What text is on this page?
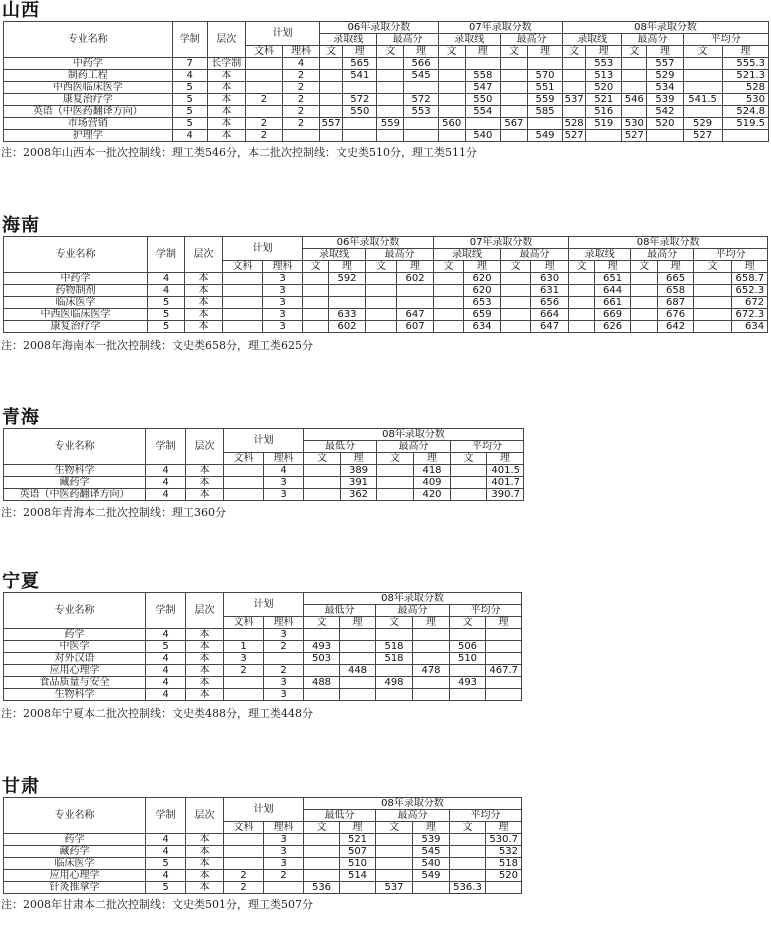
山西
专业名称	学制	层次	计划		06年录取分数				07年录取分数				08年录取分数					
					录取线		最高分		录取线		最高分		录取线		最高分		平均分	
			文科	理科	文	理	文	理	文	理	文	理	文	理	文	理	文	理
中药学	7	长学制		4		565		566						553		557		555.3
制药工程	4	本		2		541		545		558		570		513		529		521.3
中西医临床医学	5	本		2						547		551		520		534		528
康复治疗学	5	本	2	2		572		572		550		559	537	521	546	539	541.5	530
英语（中医药翻译方向）	5	本		2		550		553		554		585		516		542		524.8
市场营销	5	本	2	2	557		559		560		567		528	519	530	520	529	519.5
护理学	4	本	2							540		549	527		527		527	

注：2008年山西本一批次控制线：理工类546分，本二批次控制线：文史类510分，理工类511分

海南
专业名称	学制	层次	计划		06年录取分数				07年录取分数				08年录取分数					
					录取线		最高分		录取线		最高分		录取线		最高分		平均分	
			文科	理科	文	理	文	理	文	理	文	理	文	理	文	理	文	理
中药学	4	本		3		592		602		620		630		651		665		658.7
药物制剂	4	本		3						620		631		644		658		652.3
临床医学	5	本		3						653		656		661		687		672
中西医临床医学	5	本		3		633		647		659		664		669		676		672.3
康复治疗学	5	本		3		602		607		634		647		626		642		634

注：2008年海南本一批次控制线：文史类658分，理工类625分

青海
专业名称	学制	层次	计划		08年录取分数					
					最低分		最高分		平均分	
			文科	理科	文	理	文	理	文	理
生物科学	4	本		4		389		418		401.5
藏药学	4	本		3		391		409		401.7
英语（中医药翻译方向）	4	本		3		362		420		390.7

注：2008年青海本二批次控制线：理工360分

宁夏
专业名称	学制	层次	计划		08年录取分数					
					最低分		最高分		平均分	
			文科	理科	文	理	文	理	文	理
药学	4	本		3						
中医学	5	本	1	2	493		518		506	
对外汉语	4	本	3		503		518		510	
应用心理学	4	本	2	2		448		478		467.7
食品质量与安全	4	本		3	488		498		493	
生物科学	4	本		3						

注：2008年宁夏本二批次控制线：文史类488分，理工类448分

甘肃
专业名称	学制	层次	计划		08年录取分数					
					最低分		最高分		平均分	
			文科	理科	文	理	文	理	文	理
药学	4	本		3		521		539		530.7
藏药学	4	本		3		507		545		532
临床医学	5	本		3		510		540		518
应用心理学	4	本	2	2		514		549		520
针灸推拿学	5	本	2		536		537		536.3	

注：2008年甘肃本二批次控制线：文史类501分，理工类507分
